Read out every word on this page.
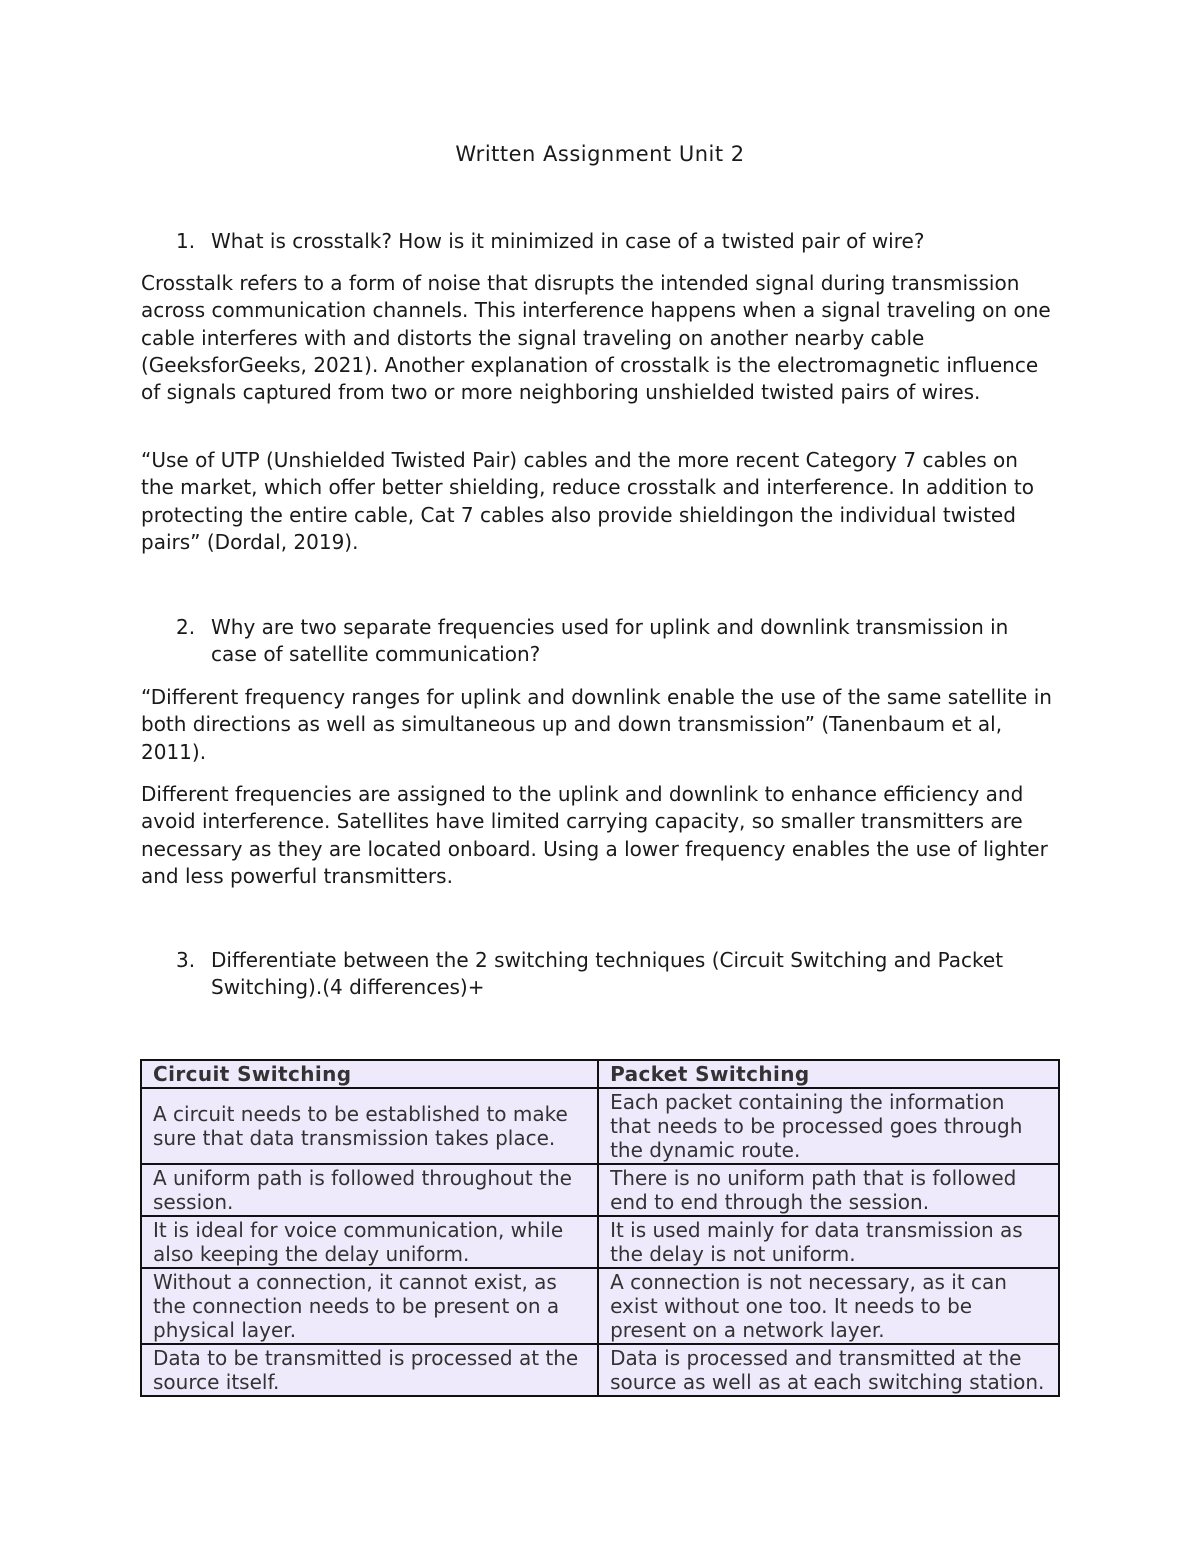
Written Assignment Unit 2
1. What is crosstalk? How is it minimized in case of a twisted pair of wire?
Crosstalk refers to a form of noise that disrupts the intended signal during transmission across communication channels. This interference happens when a signal traveling on one cable interferes with and distorts the signal traveling on another nearby cable (GeeksforGeeks, 2021). Another explanation of crosstalk is the electromagnetic influence of signals captured from two or more neighboring unshielded twisted pairs of wires.
“Use of UTP (Unshielded Twisted Pair) cables and the more recent Category 7 cables on the market, which offer better shielding, reduce crosstalk and interference. In addition to protecting the entire cable, Cat 7 cables also provide shieldingon the individual twisted pairs” (Dordal, 2019).
2. Why are two separate frequencies used for uplink and downlink transmission in case of satellite communication?
“Different frequency ranges for uplink and downlink enable the use of the same satellite in both directions as well as simultaneous up and down transmission” (Tanenbaum et al, 2011).
Different frequencies are assigned to the uplink and downlink to enhance efficiency and avoid interference. Satellites have limited carrying capacity, so smaller transmitters are necessary as they are located onboard. Using a lower frequency enables the use of lighter and less powerful transmitters.
3. Differentiate between the 2 switching techniques (Circuit Switching and Packet Switching).(4 differences)+
Circuit Switching	Packet Switching
A circuit needs to be established to make sure that data transmission takes place.	Each packet containing the information that needs to be processed goes through the dynamic route.
A uniform path is followed throughout the session.	There is no uniform path that is followed end to end through the session.
It is ideal for voice communication, while also keeping the delay uniform.	It is used mainly for data transmission as the delay is not uniform.
Without a connection, it cannot exist, as the connection needs to be present on a physical layer.	A connection is not necessary, as it can exist without one too. It needs to be present on a network layer.
Data to be transmitted is processed at the source itself.	Data is processed and transmitted at the source as well as at each switching station.
